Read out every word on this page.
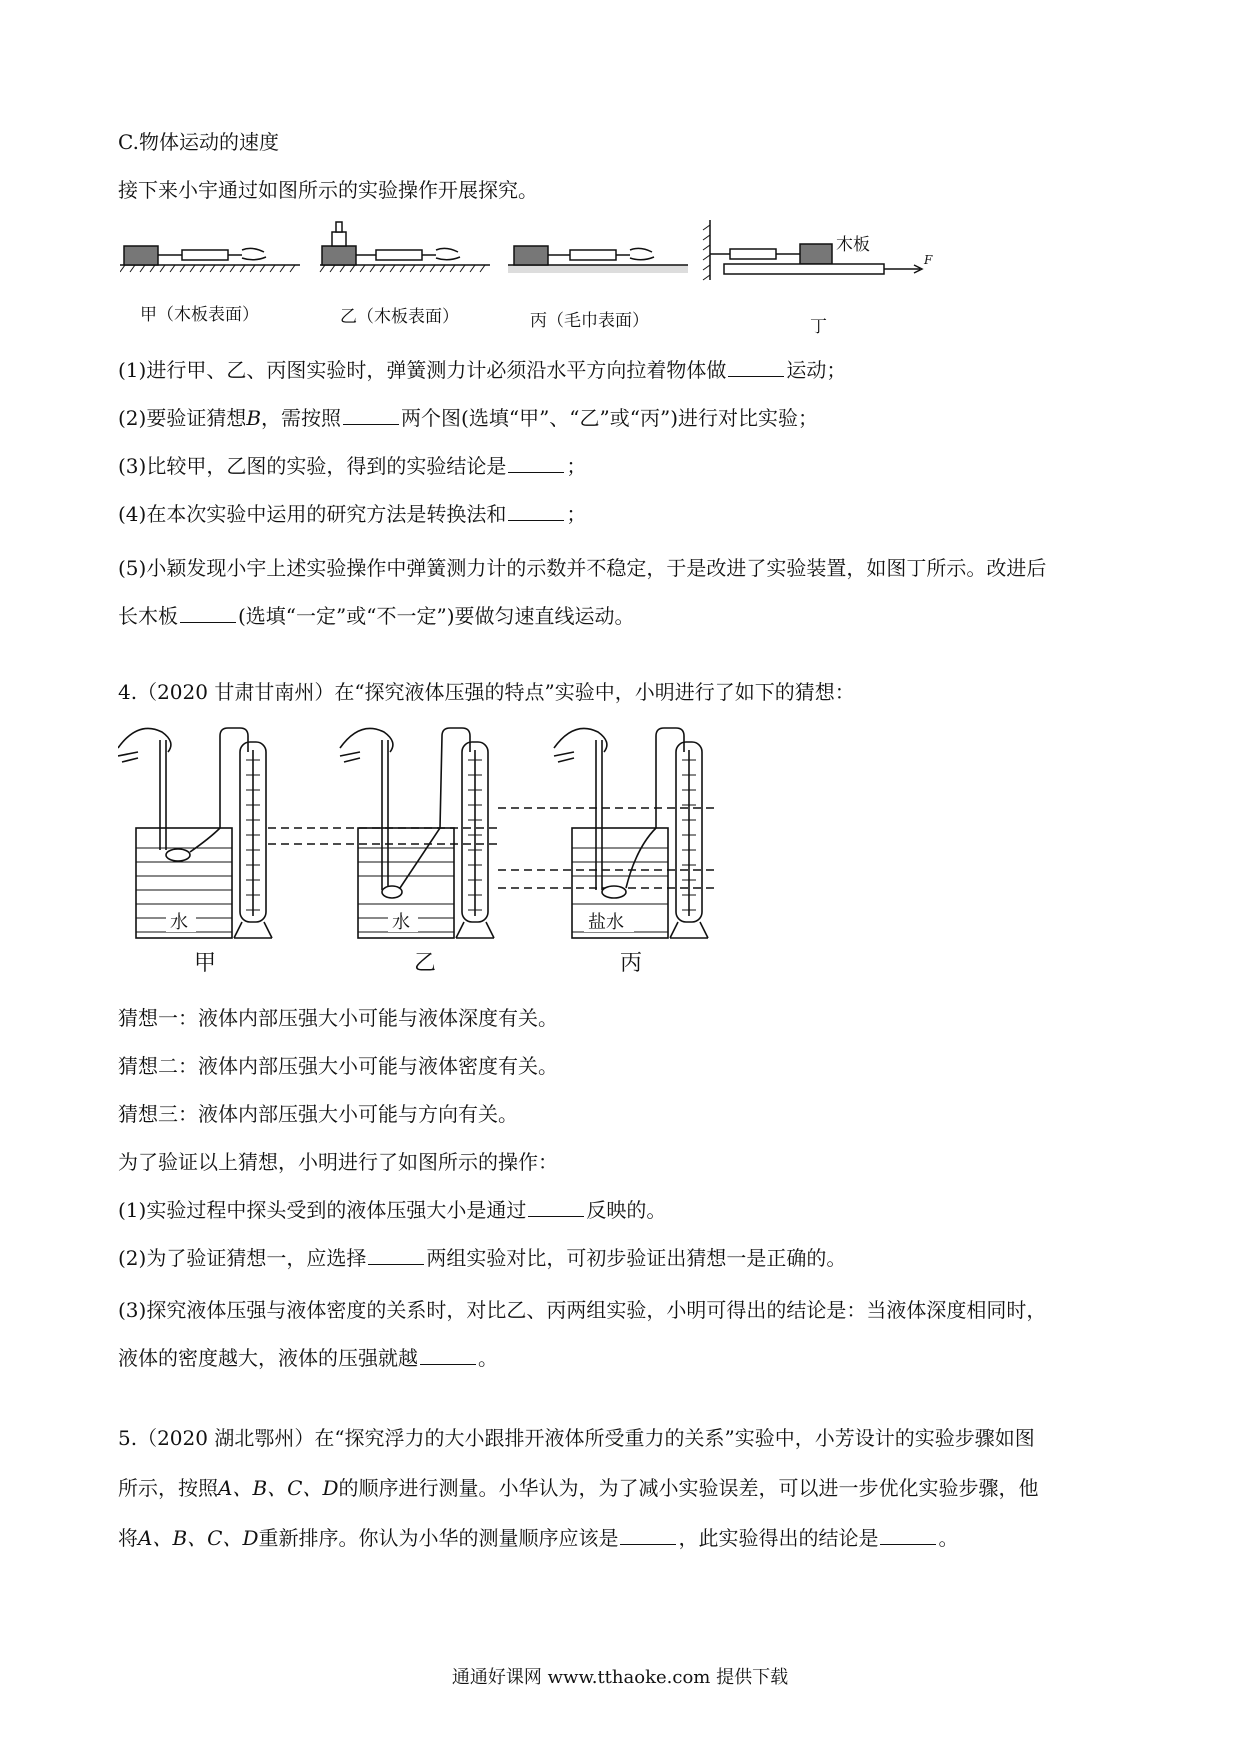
C.物体运动的速度
接下来小宇通过如图所示的实验操作开展探究。
木板
F
甲（木板表面）	乙（木板表面）	丙（毛巾表面）	丁
(1)进行甲、乙、丙图实验时，弹簧测力计必须沿水平方向拉着物体做	运动；
(2)要验证猜想B，需按照	两个图(选填“甲”、“乙”或“丙”)进行对比实验；
(3)比较甲，乙图的实验，得到的实验结论是	；
(4)在本次实验中运用的研究方法是转换法和	；
(5)小颖发现小宇上述实验操作中弹簧测力计的示数并不稳定，于是改进了实验装置，如图丁所示。改进后
长木板	(选填“一定”或“不一定”)要做匀速直线运动。
4.（2020 甘肃甘南州）在“探究液体压强的特点”实验中，小明进行了如下的猜想：
水	水	盐水
甲	乙	丙
猜想一：液体内部压强大小可能与液体深度有关。
猜想二：液体内部压强大小可能与液体密度有关。
猜想三：液体内部压强大小可能与方向有关。
为了验证以上猜想，小明进行了如图所示的操作：
(1)实验过程中探头受到的液体压强大小是通过	反映的。
(2)为了验证猜想一，应选择	两组实验对比，可初步验证出猜想一是正确的。
(3)探究液体压强与液体密度的关系时，对比乙、丙两组实验，小明可得出的结论是：当液体深度相同时，
液体的密度越大，液体的压强就越	。
5.（2020 湖北鄂州）在“探究浮力的大小跟排开液体所受重力的关系”实验中，小芳设计的实验步骤如图
所示，按照A、B、C、D的顺序进行测量。小华认为，为了减小实验误差，可以进一步优化实验步骤，他
将A、B、C、D重新排序。你认为小华的测量顺序应该是	，此实验得出的结论是	。
通通好课网 www.tthaoke.com 提供下载
